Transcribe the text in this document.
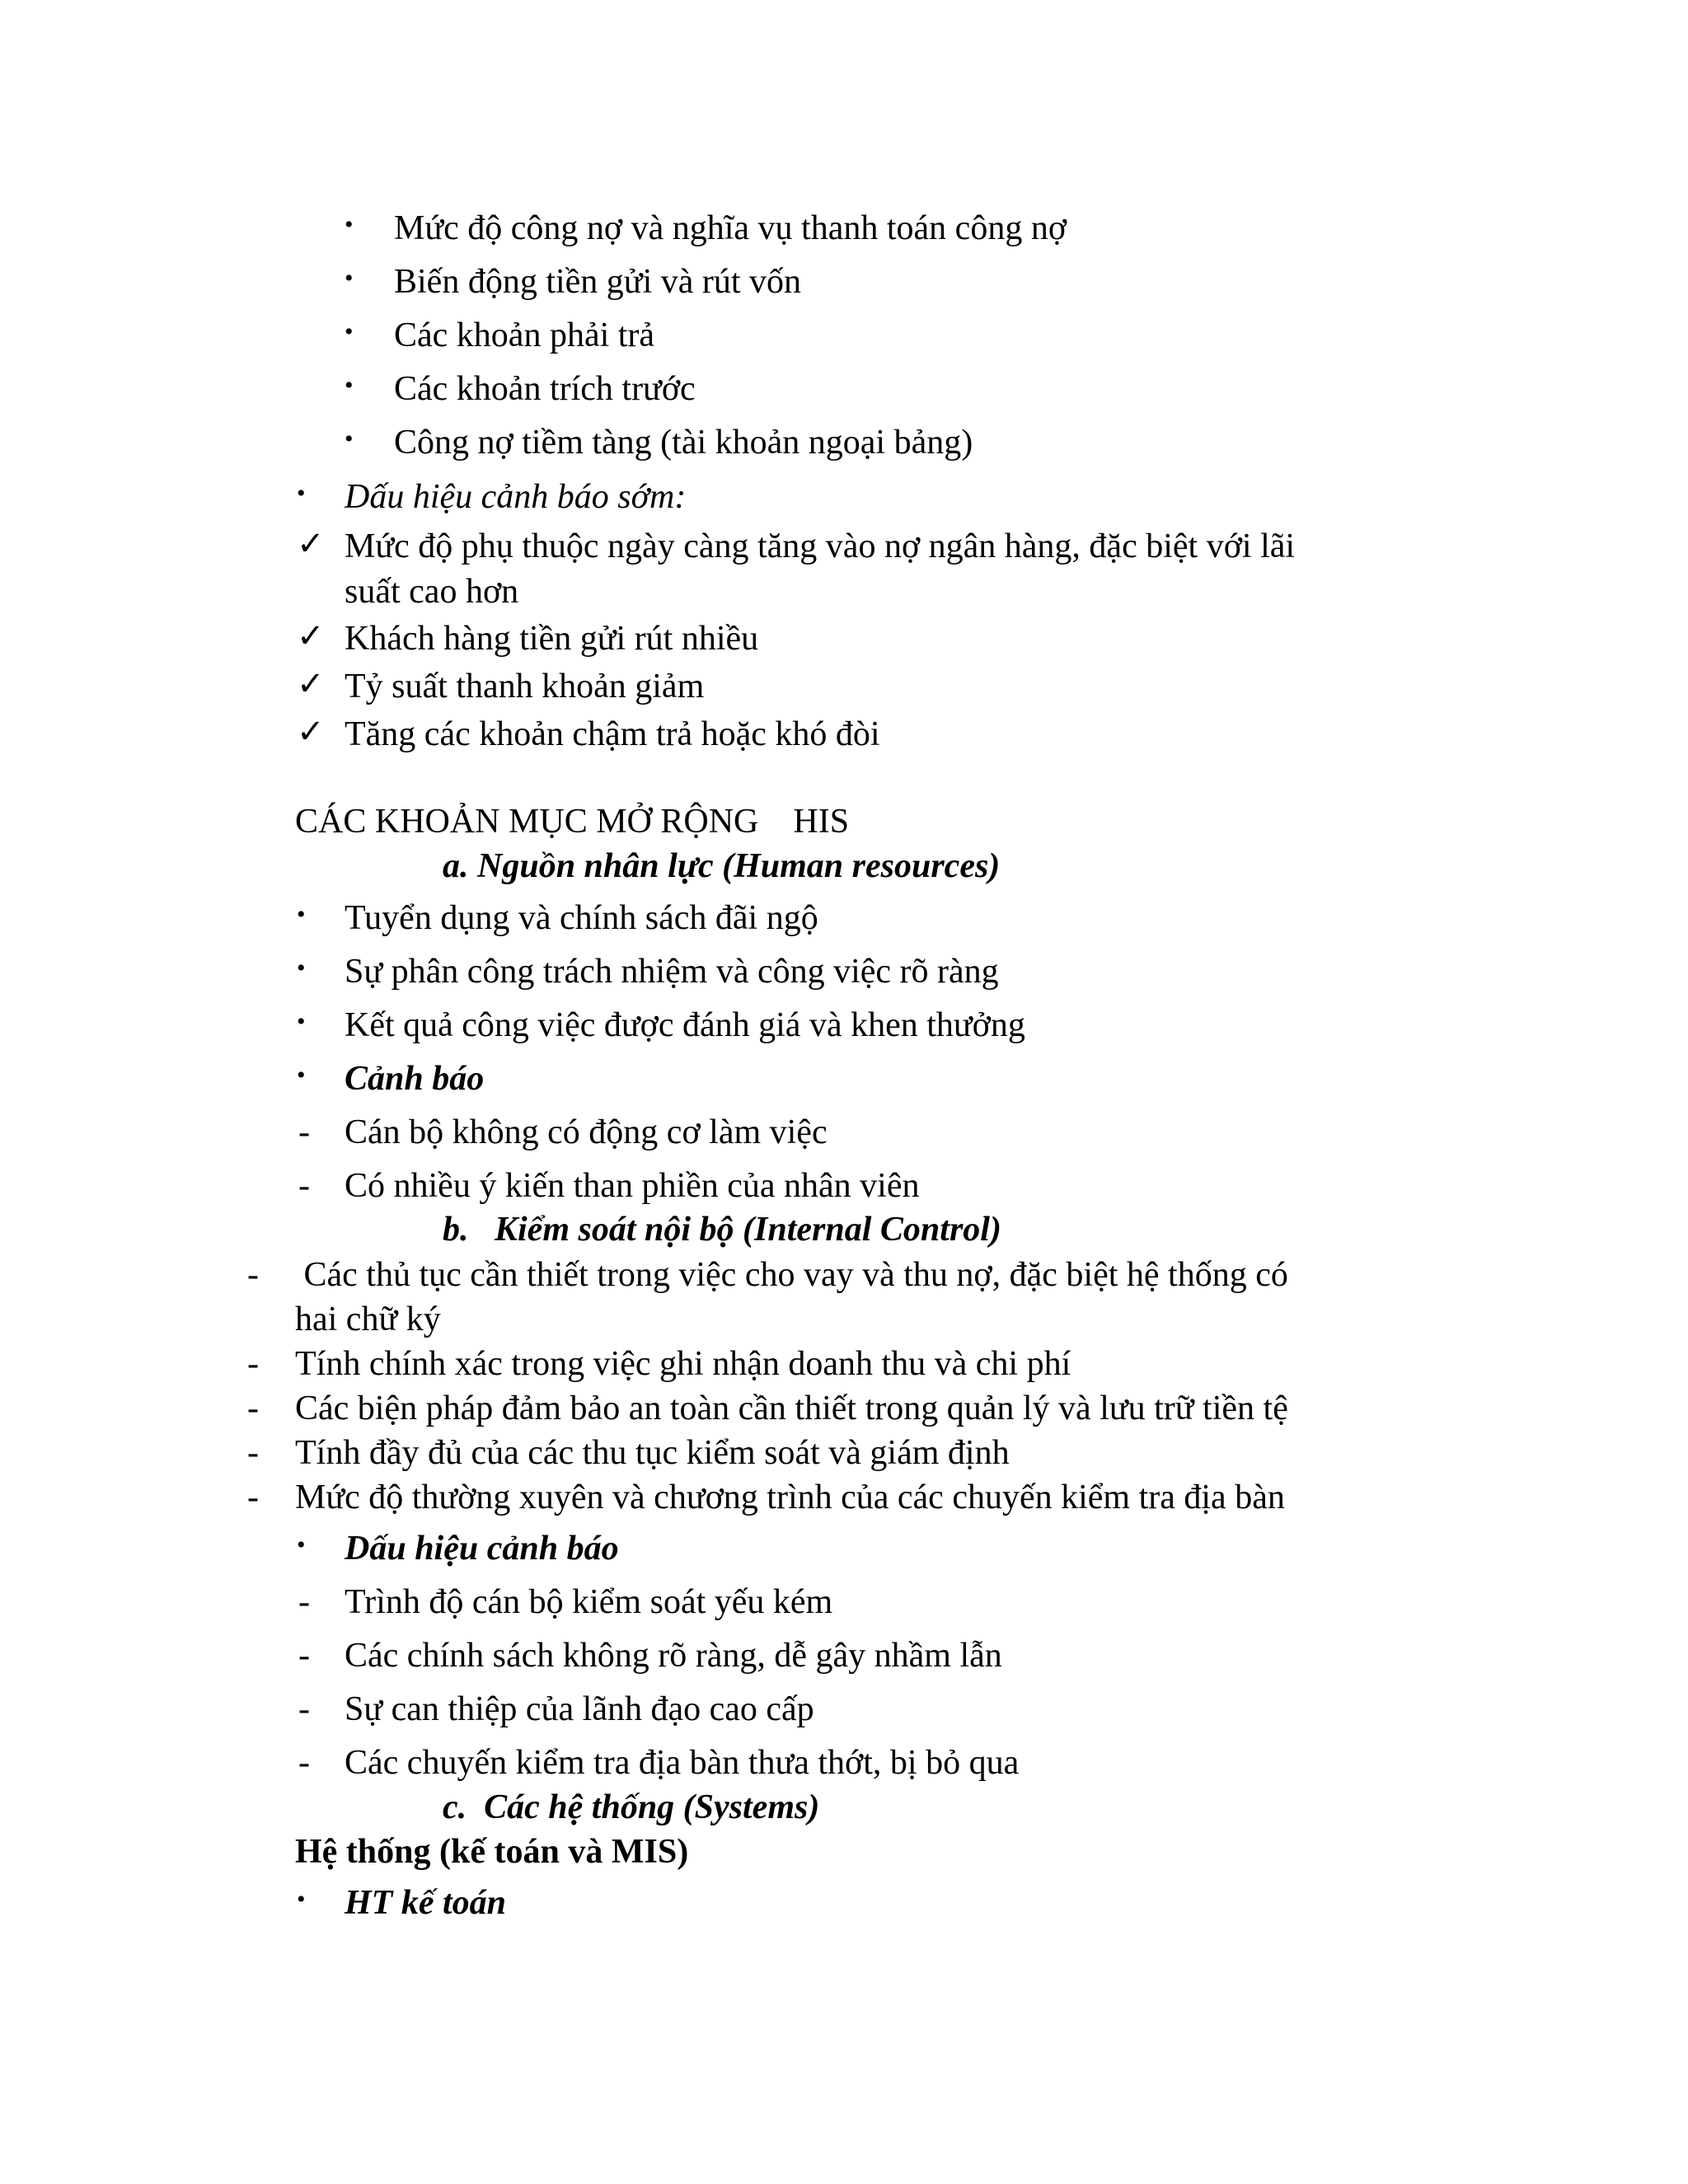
• Mức độ công nợ và nghĩa vụ thanh toán công nợ
• Biến động tiền gửi và rút vốn
• Các khoản phải trả
• Các khoản trích trước
• Công nợ tiềm tàng (tài khoản ngoại bảng)
• Dấu hiệu cảnh báo sớm:
✓ Mức độ phụ thuộc ngày càng tăng vào nợ ngân hàng, đặc biệt với lãi
suất cao hơn
✓ Khách hàng tiền gửi rút nhiều
✓ Tỷ suất thanh khoản giảm
✓ Tăng các khoản chậm trả hoặc khó đòi
CÁC KHOẢN MỤC MỞ RỘNG    HIS
a. Nguồn nhân lực (Human resources)
• Tuyển dụng và chính sách đãi ngộ
• Sự phân công trách nhiệm và công việc rõ ràng
• Kết quả công việc được đánh giá và khen thưởng
• Cảnh báo
- Cán bộ không có động cơ làm việc
- Có nhiều ý kiến than phiền của nhân viên
b.   Kiểm soát nội bộ (Internal Control)
- Các thủ tục cần thiết trong việc cho vay và thu nợ, đặc biệt hệ thống có
hai chữ ký
- Tính chính xác trong việc ghi nhận doanh thu và chi phí
- Các biện pháp đảm bảo an toàn cần thiết trong quản lý và lưu trữ tiền tệ
- Tính đầy đủ của các thu tục kiểm soát và giám định
- Mức độ thường xuyên và chương trình của các chuyến kiểm tra địa bàn
• Dấu hiệu cảnh báo
- Trình độ cán bộ kiểm soát yếu kém
- Các chính sách không rõ ràng, dễ gây nhầm lẫn
- Sự can thiệp của lãnh đạo cao cấp
- Các chuyến kiểm tra địa bàn thưa thớt, bị bỏ qua
c.  Các hệ thống (Systems)
Hệ thống (kế toán và MIS)
• HT kế toán
